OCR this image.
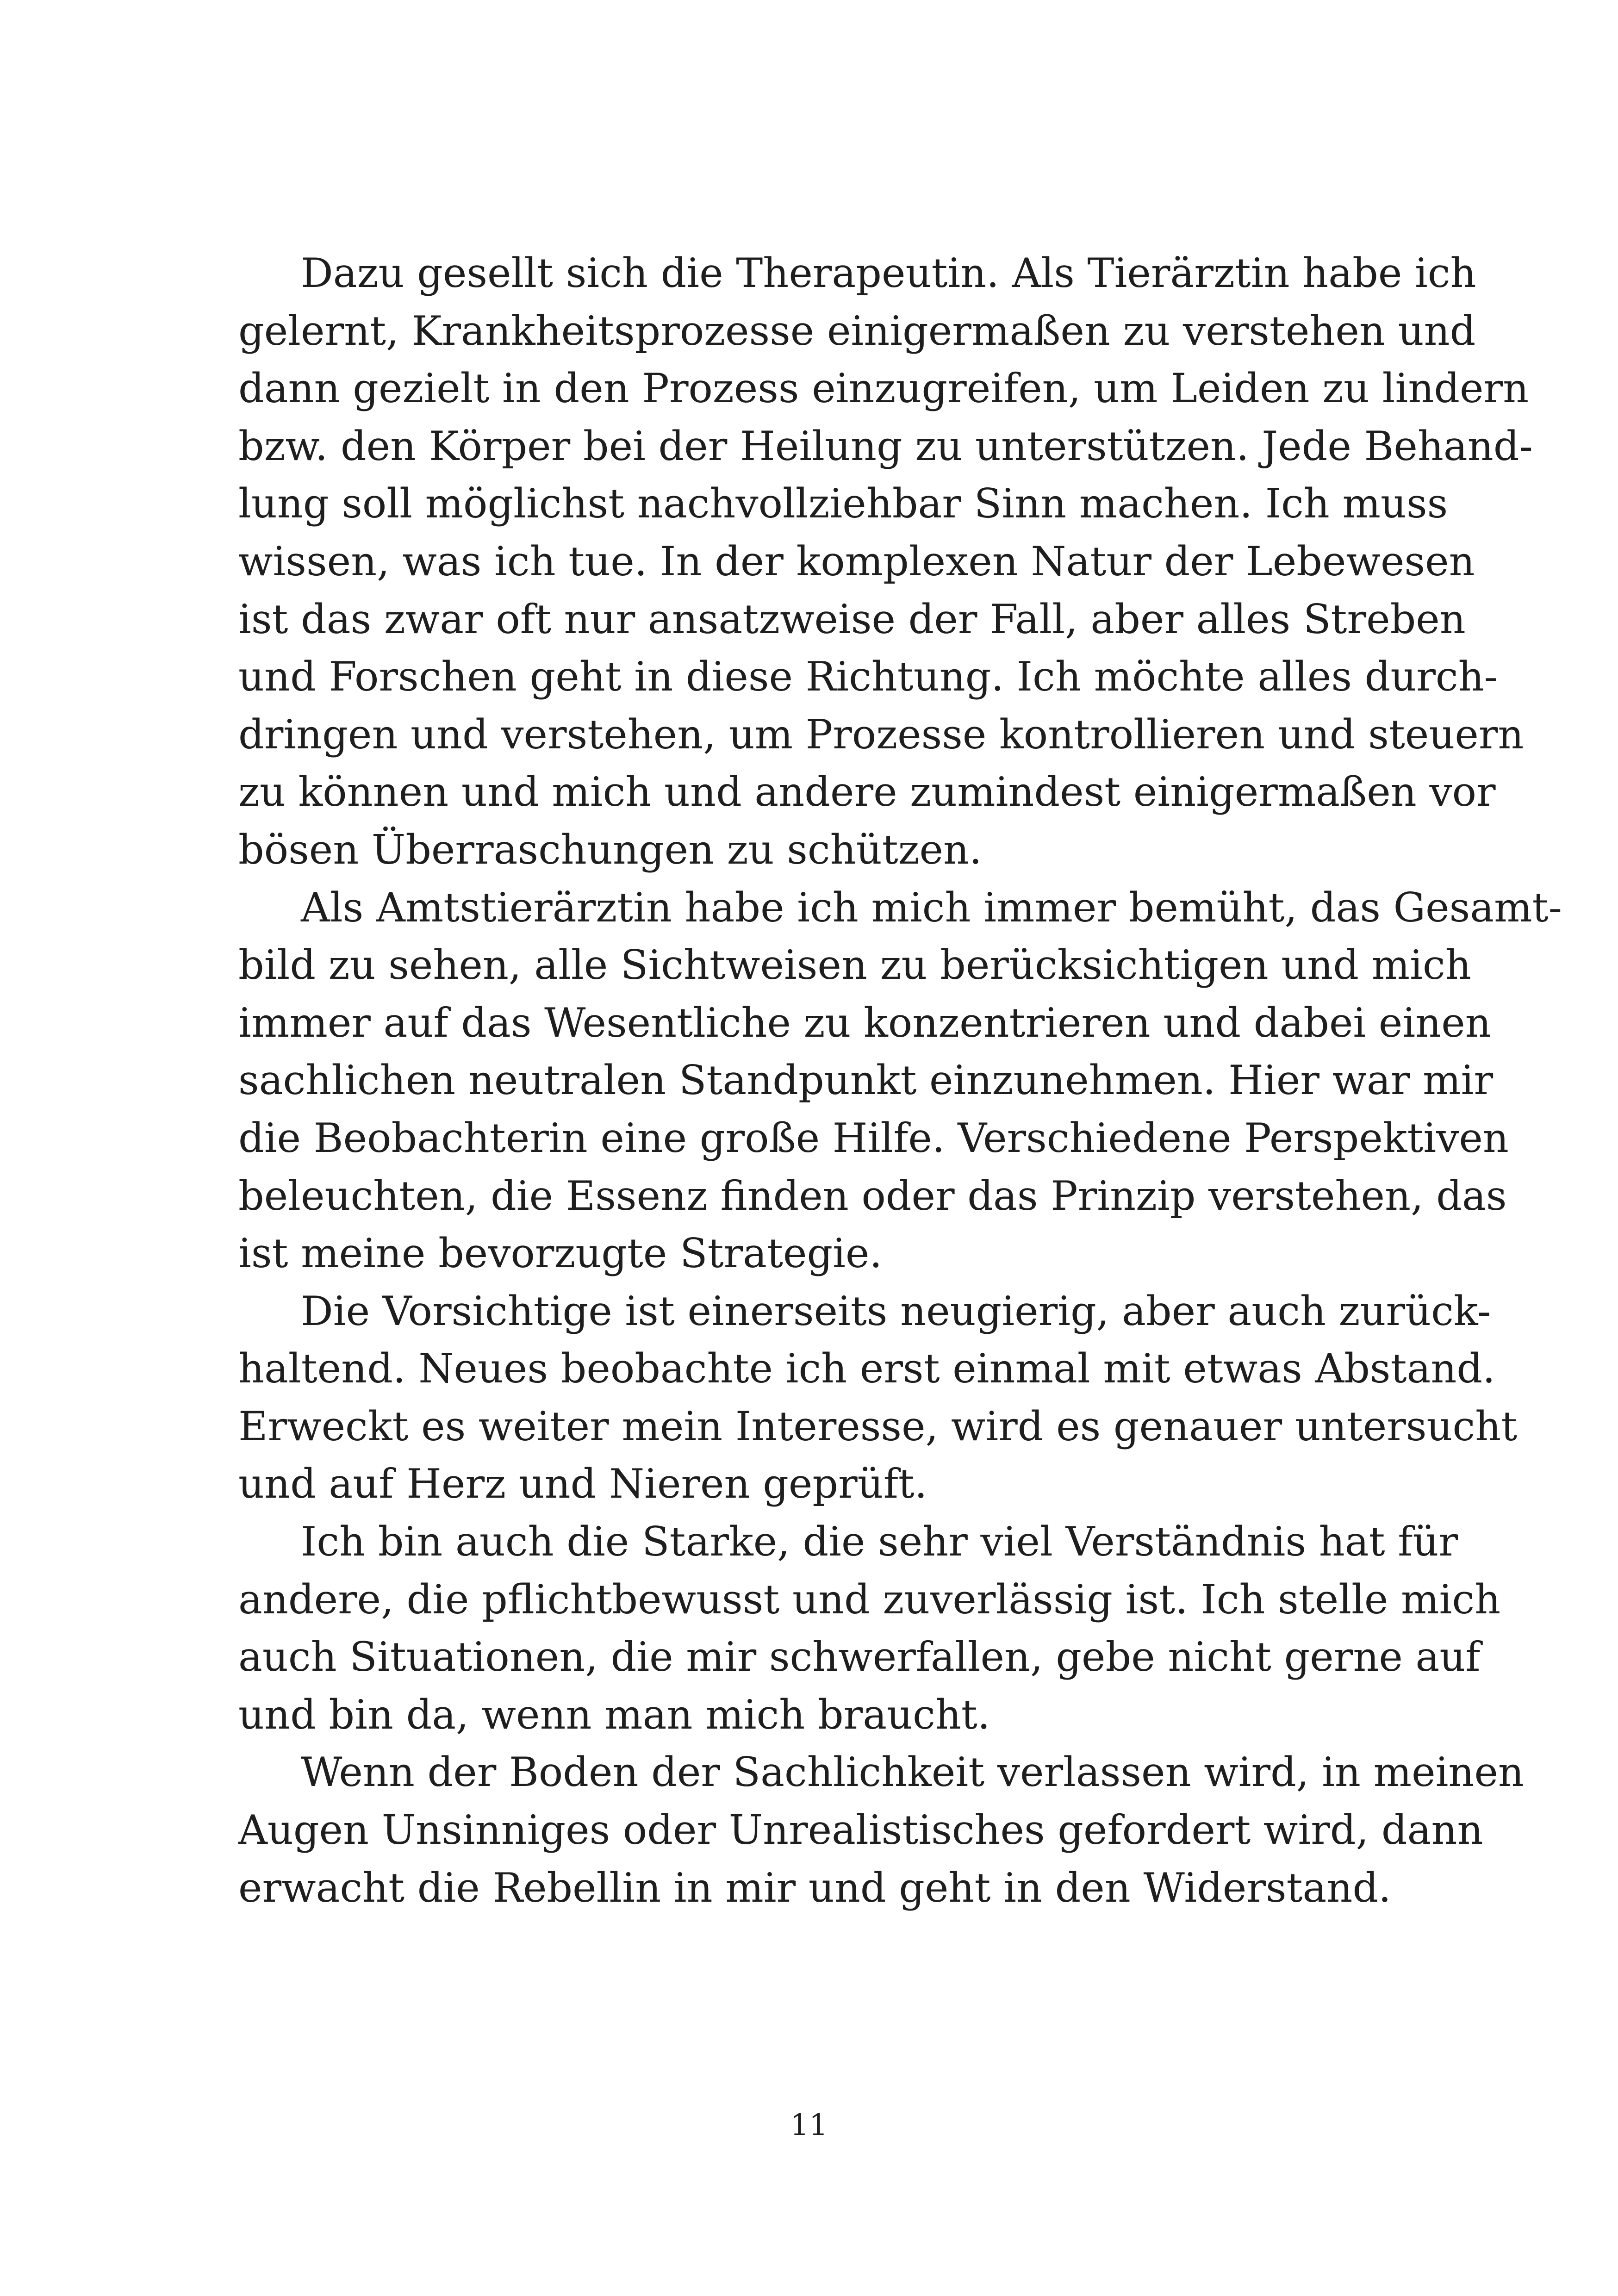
Dazu gesellt sich die Therapeutin. Als Tierärztin habe ich
gelernt, Krankheitsprozesse einigermaßen zu verstehen und
dann gezielt in den Prozess einzugreifen, um Leiden zu lindern
bzw. den Körper bei der Heilung zu unterstützen. Jede Behand-
lung soll möglichst nachvollziehbar Sinn machen. Ich muss
wissen, was ich tue. In der komplexen Natur der Lebewesen
ist das zwar oft nur ansatzweise der Fall, aber alles Streben
und Forschen geht in diese Richtung. Ich möchte alles durch-
dringen und verstehen, um Prozesse kontrollieren und steuern
zu können und mich und andere zumindest einigermaßen vor
bösen Überraschungen zu schützen.
Als Amtstierärztin habe ich mich immer bemüht, das Gesamt-
bild zu sehen, alle Sichtweisen zu berücksichtigen und mich
immer auf das Wesentliche zu konzentrieren und dabei einen
sachlichen neutralen Standpunkt einzunehmen. Hier war mir
die Beobachterin eine große Hilfe. Verschiedene Perspektiven
beleuchten, die Essenz finden oder das Prinzip verstehen, das
ist meine bevorzugte Strategie.
Die Vorsichtige ist einerseits neugierig, aber auch zurück-
haltend. Neues beobachte ich erst einmal mit etwas Abstand.
Erweckt es weiter mein Interesse, wird es genauer untersucht
und auf Herz und Nieren geprüft.
Ich bin auch die Starke, die sehr viel Verständnis hat für
andere, die pflichtbewusst und zuverlässig ist. Ich stelle mich
auch Situationen, die mir schwerfallen, gebe nicht gerne auf
und bin da, wenn man mich braucht.
Wenn der Boden der Sachlichkeit verlassen wird, in meinen
Augen Unsinniges oder Unrealistisches gefordert wird, dann
erwacht die Rebellin in mir und geht in den Widerstand.
11
